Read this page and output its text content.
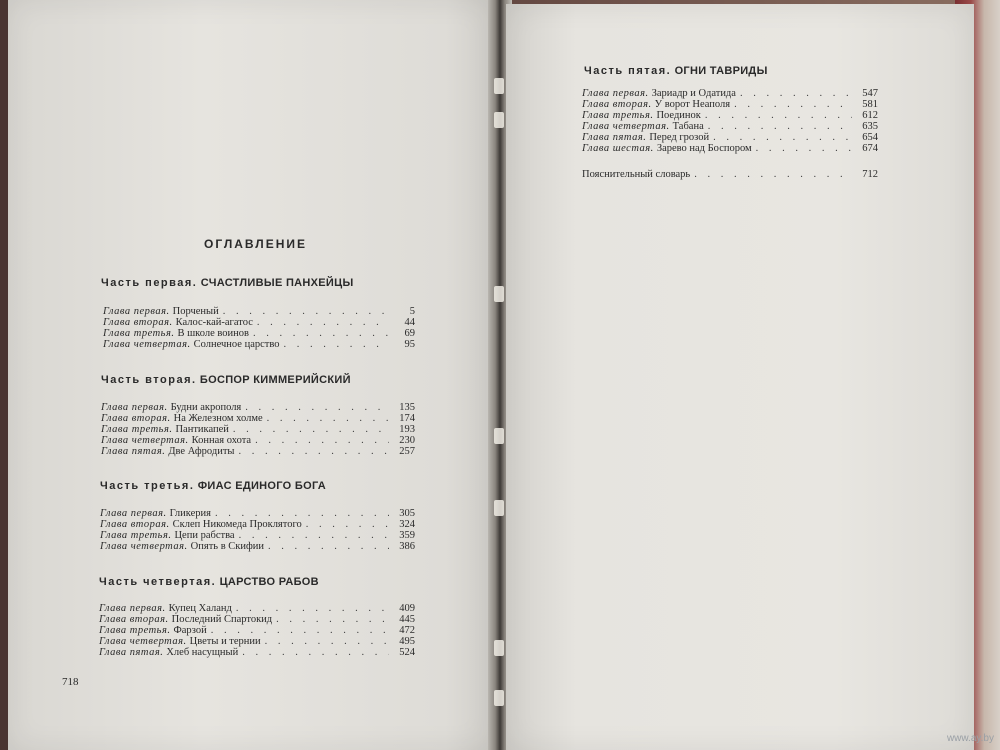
ОГЛАВЛЕНИЕ
Часть первая. СЧАСТЛИВЫЕ ПАНХЕЙЦЫ
Глава первая. Порченый . . .	5
Глава вторая. Калос-кай-агатос . . .	44
Глава третья. В школе воинов . . .	69
Глава четвертая. Солнечное царство . . .	95
Часть вторая. БОСПОР КИММЕРИЙСКИЙ
Глава первая. Будни акрополя . . .	135
Глава вторая. На Железном холме . . .	174
Глава третья. Пантикапей . . .	193
Глава четвертая. Конная охота . . .	230
Глава пятая. Две Афродиты . . .	257
Часть третья. ФИАС ЕДИНОГО БОГА
Глава первая. Гликерия . . .	305
Глава вторая. Склеп Никомеда Проклятого . . .	324
Глава третья. Цепи рабства . . .	359
Глава четвертая. Опять в Скифии . . .	386
Часть четвертая. ЦАРСТВО РАБОВ
Глава первая. Купец Халанд . . .	409
Глава вторая. Последний Спартокид . . .	445
Глава третья. Фарзой . . .	472
Глава четвертая. Цветы и тернии . . .	495
Глава пятая. Хлеб насущный . . .	524
718
Часть пятая. ОГНИ ТАВРИДЫ
Глава первая. Зариадр и Одатида . . .	547
Глава вторая. У ворот Неаполя . . .	581
Глава третья. Поединок . . .	612
Глава четвертая. Табана . . .	635
Глава пятая. Перед грозой . . .	654
Глава шестая. Зарево над Боспором . . .	674
Пояснительный словарь . . .	712
www.ay.by
